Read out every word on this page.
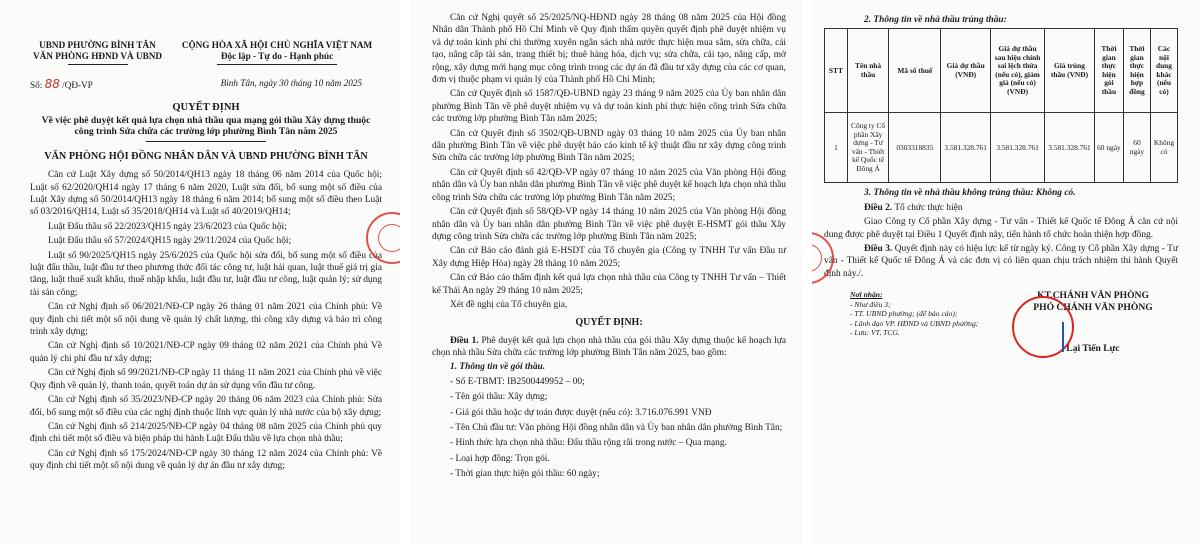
UBND PHƯỜNG BÌNH TÂN
VĂN PHÒNG HĐND VÀ UBND
CỘNG HÒA XÃ HỘI CHỦ NGHĨA VIỆT NAM
Độc lập - Tự do - Hạnh phúc
Số: 88 /QĐ-VP	Bình Tân, ngày 30 tháng 10 năm 2025
QUYẾT ĐỊNH
Về việc phê duyệt kết quả lựa chọn nhà thầu qua mạng gói thầu Xây dựng thuộc
công trình Sửa chữa các trường lớp phường Bình Tân năm 2025
VĂN PHÒNG HỘI ĐỒNG NHÂN DÂN VÀ UBND PHƯỜNG BÌNH TÂN

Căn cứ Luật Xây dựng số 50/2014/QH13 ngày 18 tháng 06 năm 2014 của Quốc hội; Luật số 62/2020/QH14 ngày 17 tháng 6 năm 2020, Luật sửa đổi, bổ sung một số điều của Luật Xây dựng số 50/2014/QH13 ngày 18 tháng 6 năm 2014; bổ sung một số điều theo Luật số 03/2016/QH14, Luật số 35/2018/QH14 và Luật số 40/2019/QH14;

Luật Đấu thầu số 22/2023/QH15 ngày 23/6/2023 của Quốc hội;

Luật Đấu thầu số 57/2024/QH15 ngày 29/11/2024 của Quốc hội;

Luật số 90/2025/QH15 ngày 25/6/2025 của Quốc hội sửa đổi, bổ sung một số điều của luật đấu thầu, luật đầu tư theo phương thức đối tác công tư, luật hải quan, luật thuế giá trị gia tăng, luật thuế xuất khẩu, thuế nhập khẩu, luật đầu tư, luật đầu tư công, luật quản lý; sử dụng tài sản công;

Căn cứ Nghị định số 06/2021/NĐ-CP ngày 26 tháng 01 năm 2021 của Chính phủ: Về quy định chi tiết một số nội dung về quản lý chất lượng, thi công xây dựng và bảo trì công trình xây dựng;

Căn cứ Nghị định số 10/2021/NĐ-CP ngày 09 tháng 02 năm 2021 của Chính phủ Về quản lý chi phí đầu tư xây dựng;

Căn cứ Nghị định số 99/2021/NĐ-CP ngày 11 tháng 11 năm 2021 của Chính phủ về việc Quy định về quản lý, thanh toán, quyết toán dự án sử dụng vốn đầu tư công.

Căn cứ Nghị định số 35/2023/NĐ-CP ngày 20 tháng 06 năm 2023 của Chính phủ: Sửa đổi, bổ sung một số điều của các nghị định thuộc lĩnh vực quản lý nhà nước của bộ xây dựng;

Căn cứ Nghị định số 214/2025/NĐ-CP ngày 04 tháng 08 năm 2025 của Chính phủ quy định chi tiết một số điều và biện pháp thi hành Luật Đấu thầu về lựa chọn nhà thầu;

Căn cứ Nghị định số 175/2024/NĐ-CP ngày 30 tháng 12 năm 2024 của Chính phủ: Về quy định chi tiết một số nội dung về quản lý dự án đầu tư xây dựng;

Căn cứ Nghị quyết số 25/2025/NQ-HĐND ngày 28 tháng 08 năm 2025 của Hội đồng Nhân dân Thành phố Hồ Chí Minh về Quy định thẩm quyền quyết định phê duyệt nhiệm vụ và dự toán kinh phí chi thường xuyên ngân sách nhà nước thực hiện mua sắm, sửa chữa, cải tạo, nâng cấp tài sản, trang thiết bị; thuê hàng hóa, dịch vụ; sửa chữa, cải tạo, nâng cấp, mở rộng, xây dựng mới hạng mục công trình trong các dự án đã đầu tư xây dựng của các cơ quan, đơn vị thuộc phạm vi quản lý của Thành phố Hồ Chí Minh;

Căn cứ Quyết định số 1587/QĐ-UBND ngày 23 tháng 9 năm 2025 của Ủy ban nhân dân phường Bình Tân về phê duyệt nhiệm vụ và dự toán kinh phí thực hiện công trình Sửa chữa các trường lớp phường Bình Tân năm 2025;

Căn cứ Quyết định số 3502/QĐ-UBND ngày 03 tháng 10 năm 2025 của Ủy ban nhân dân phường Bình Tân về việc phê duyệt báo cáo kinh tế kỹ thuật đầu tư xây dựng công trình Sửa chữa các trường lớp phường Bình Tân năm 2025;

Căn cứ Quyết định số 42/QĐ-VP ngày 07 tháng 10 năm 2025 của Văn phòng Hội đồng nhân dân và Ủy ban nhân dân phường Bình Tân về việc phê duyệt kế hoạch lựa chọn nhà thầu công trình Sửa chữa các trường lớp phường Bình Tân năm 2025;

Căn cứ Quyết định số 58/QĐ-VP ngày 14 tháng 10 năm 2025 của Văn phòng Hội đồng nhân dân và Ủy ban nhân dân phường Bình Tân về việc phê duyệt E-HSMT gói thầu Xây dựng công trình Sửa chữa các trường lớp phường Bình Tân năm 2025;

Căn cứ Báo cáo đánh giá E-HSDT của Tổ chuyên gia (Công ty TNHH Tư vấn Đầu tư Xây dựng Hiệp Hòa) ngày 28 tháng 10 năm 2025;

Căn cứ Báo cáo thẩm định kết quả lựa chọn nhà thầu của Công ty TNHH Tư vấn – Thiết kế Thái An ngày 29 tháng 10 năm 2025;

Xét đề nghị của Tổ chuyên gia,

QUYẾT ĐỊNH:

Điều 1. Phê duyệt kết quả lựa chọn nhà thầu của gói thầu Xây dựng thuộc kế hoạch lựa chọn nhà thầu Sửa chữa các trường lớp phường Bình Tân năm 2025, bao gồm:

1. Thông tin về gói thầu.

- Số E-TBMT: IB2500449952 – 00;

- Tên gói thầu: Xây dựng;

- Giá gói thầu hoặc dự toán được duyệt (nếu có): 3.716.076.991 VNĐ

- Tên Chủ đầu tư: Văn phòng Hội đồng nhân dân và Ủy ban nhân dân phường Bình Tân;

- Hình thức lựa chọn nhà thầu: Đấu thầu rộng rãi trong nước – Qua mạng.

- Loại hợp đồng: Trọn gói.

- Thời gian thực hiện gói thầu: 60 ngày;

2. Thông tin về nhà thầu trúng thầu:
STT	Tên nhà thầu	Mã số thuế	Giá dự thầu (VNĐ)	Giá dự thầu sau hiệu chỉnh sai lệch thừa (nếu có), giảm giá (nếu có) (VNĐ)	Giá trúng thầu (VNĐ)	Thời gian thực hiện gói thầu	Thời gian thực hiện hợp đồng	Các nội dung khác (nếu có)
1	Công ty Cổ phần Xây dựng - Tư vấn - Thiết kế Quốc tế Đông Á	0303318835	3.581.328.761	3.581.328.761	3.581.328.761	60 ngày	60 ngày	Không có
3. Thông tin về nhà thầu không trúng thầu: Không có.

Điều 2. Tổ chức thực hiện

Giao Công ty Cổ phần Xây dựng - Tư vấn - Thiết kế Quốc tế Đông Á căn cứ nội dung được phê duyệt tại Điều 1 Quyết định này, tiến hành tổ chức hoàn thiện hợp đồng.

Điều 3. Quyết định này có hiệu lực kể từ ngày ký. Công ty Cổ phần Xây dựng - Tư vấn - Thiết kế Quốc tế Đông Á và các đơn vị có liên quan chịu trách nhiệm thi hành Quyết định này./.

Nơi nhận:
- Như điều 3;
- TT. UBND phường; (để báo cáo);
- Lãnh đạo VP. HĐND và UBND phường;
- Lưu: VT, TCG.
KT.CHÁNH VĂN PHÒNG
PHÓ CHÁNH VĂN PHÒNG
Lại Tiến Lực
